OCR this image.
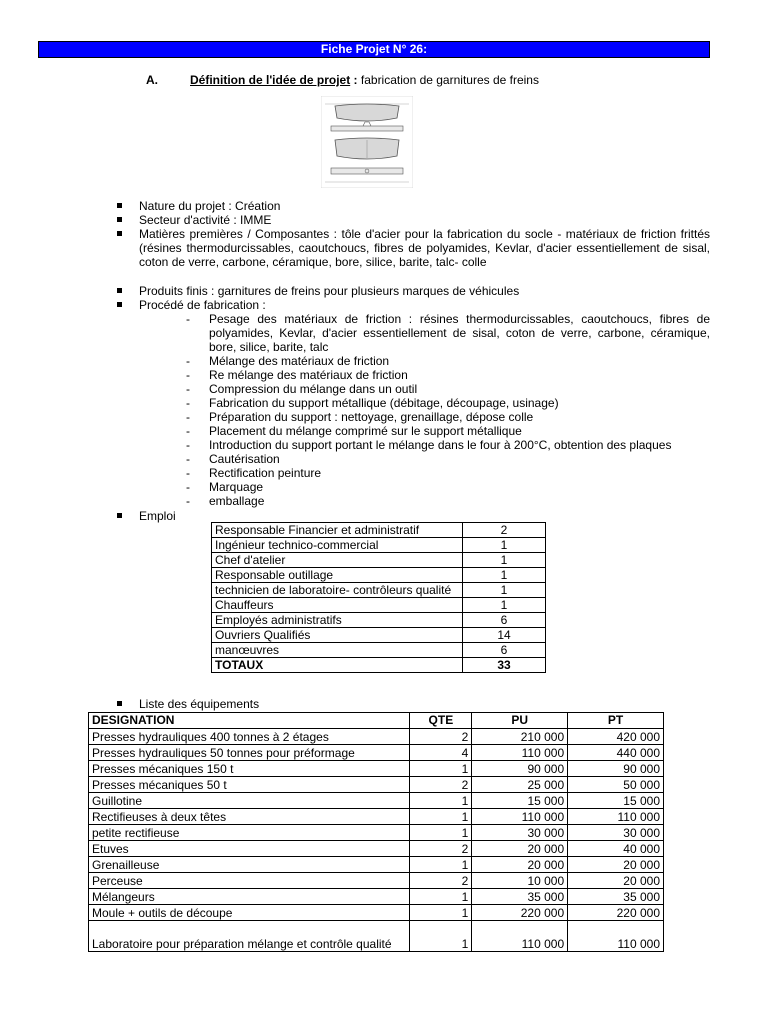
Fiche Projet N° 26:
A.	Définition de l'idée de projet : fabrication de garnitures de freins
Nature du projet : Création
Secteur d'activité : IMME
Matières premières / Composantes : tôle d'acier pour la fabrication du socle - matériaux de friction frittés (résines thermodurcissables, caoutchoucs, fibres de polyamides, Kevlar, d'acier essentiellement de sisal, coton de verre, carbone, céramique, bore, silice, barite, talc- colle
Produits finis : garnitures de freins pour plusieurs marques de véhicules
Procédé de fabrication :
- Pesage des matériaux de friction : résines thermodurcissables, caoutchoucs, fibres de polyamides, Kevlar, d'acier essentiellement de sisal, coton de verre, carbone, céramique, bore, silice, barite, talc
- Mélange des matériaux de friction
- Re mélange des matériaux de friction
- Compression du mélange dans un outil
- Fabrication du support métallique (débitage, découpage, usinage)
- Préparation du support : nettoyage, grenaillage, dépose colle
- Placement du mélange comprimé sur le support métallique
- Introduction du support portant le mélange dans le four à 200°C, obtention des plaques
- Cautérisation
- Rectification peinture
- Marquage
- emballage
Emploi
Responsable Financier et administratif	2
Ingénieur technico-commercial	1
Chef d'atelier	1
Responsable outillage	1
technicien de laboratoire- contrôleurs qualité	1
Chauffeurs	1
Employés administratifs	6
Ouvriers Qualifiés	14
manœuvres	6
TOTAUX	33
Liste des équipements
DESIGNATION	QTE	PU	PT
Presses hydrauliques 400 tonnes à 2 étages	2	210 000	420 000
Presses hydrauliques 50 tonnes pour préformage	4	110 000	440 000
Presses mécaniques 150 t	1	90 000	90 000
Presses mécaniques 50 t	2	25 000	50 000
Guillotine	1	15 000	15 000
Rectifieuses à deux têtes	1	110 000	110 000
petite rectifieuse	1	30 000	30 000
Etuves	2	20 000	40 000
Grenailleuse	1	20 000	20 000
Perceuse	2	10 000	20 000
Mélangeurs	1	35 000	35 000
Moule + outils de découpe	1	220 000	220 000
Laboratoire pour préparation mélange et contrôle qualité	1	110 000	110 000
